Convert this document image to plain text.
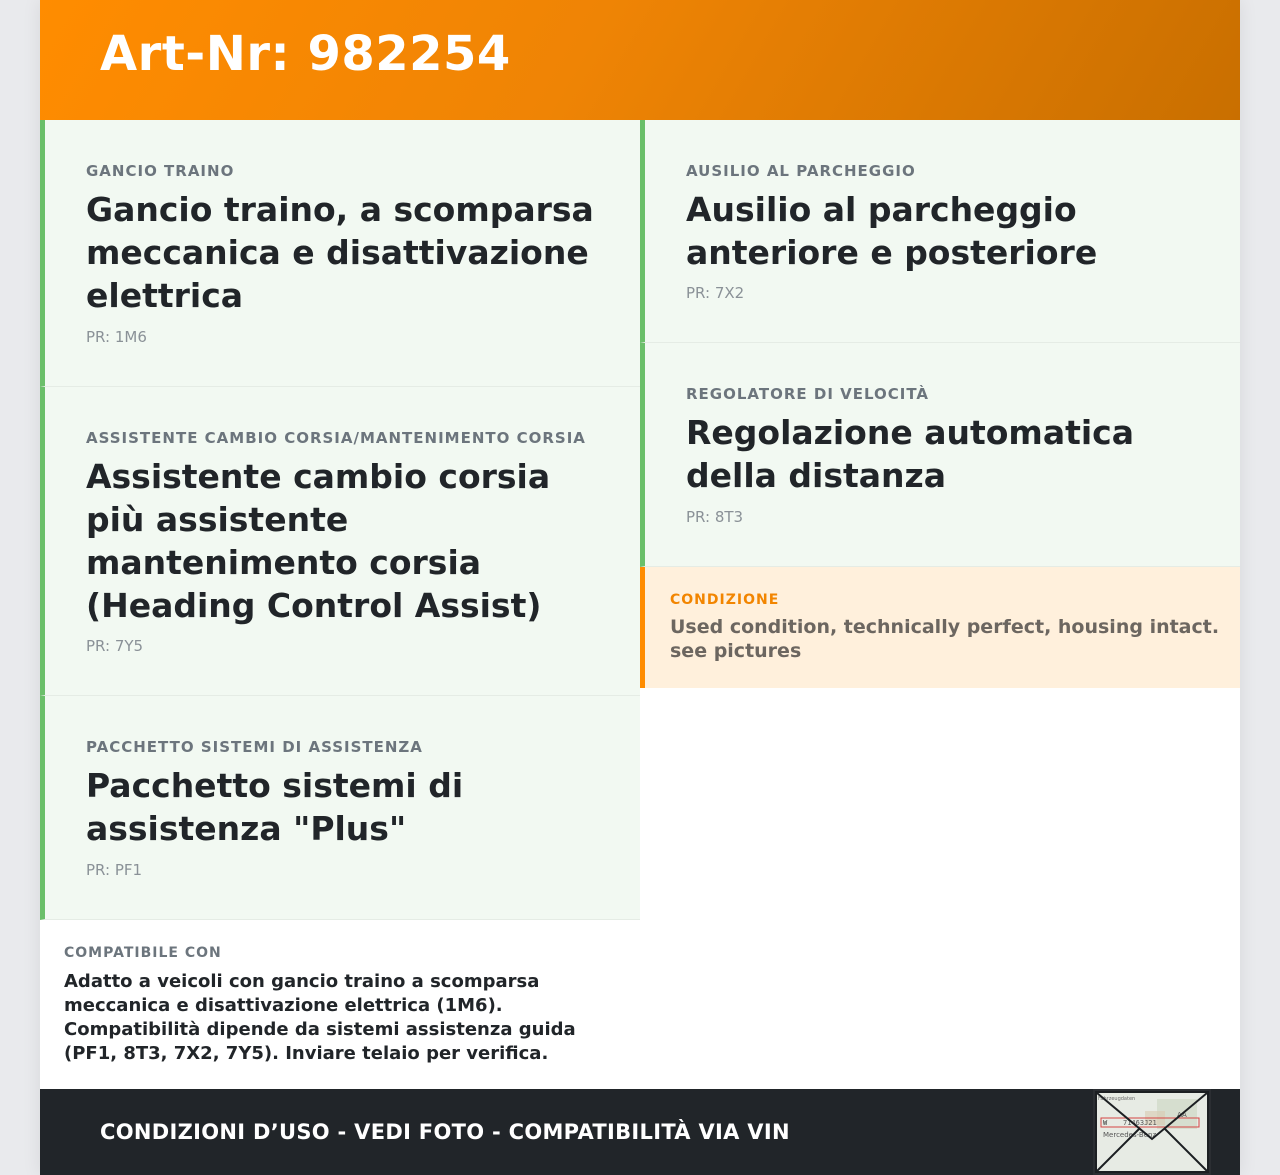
Art-Nr: 982254
GANCIO TRAINO
Gancio traino, a scomparsa meccanica e disattivazione elettrica
PR: 1M6
ASSISTENTE CAMBIO CORSIA/MANTENIMENTO CORSIA
Assistente cambio corsia più assistente mantenimento corsia (Heading Control Assist)
PR: 7Y5
PACCHETTO SISTEMI DI ASSISTENZA
Pacchetto sistemi di assistenza "Plus"
PR: PF1
COMPATIBILE CON
Adatto a veicoli con gancio traino a scomparsa meccanica e disattivazione elettrica (1M6). Compatibilità dipende da sistemi assistenza guida (PF1, 8T3, 7X2, 7Y5). Inviare telaio per verifica.
AUSILIO AL PARCHEGGIO
Ausilio al parcheggio anteriore e posteriore
PR: 7X2
REGOLATORE DI VELOCITÀ
Regolazione automatica della distanza
PR: 8T3
CONDIZIONE
Used condition, technically perfect, housing intact. see pictures
CONDIZIONI D’USO - VEDI FOTO - COMPATIBILITÀ VIA VIN
Fahrzeugdaten
W 71463J21
AA
Mercedes-Benz
